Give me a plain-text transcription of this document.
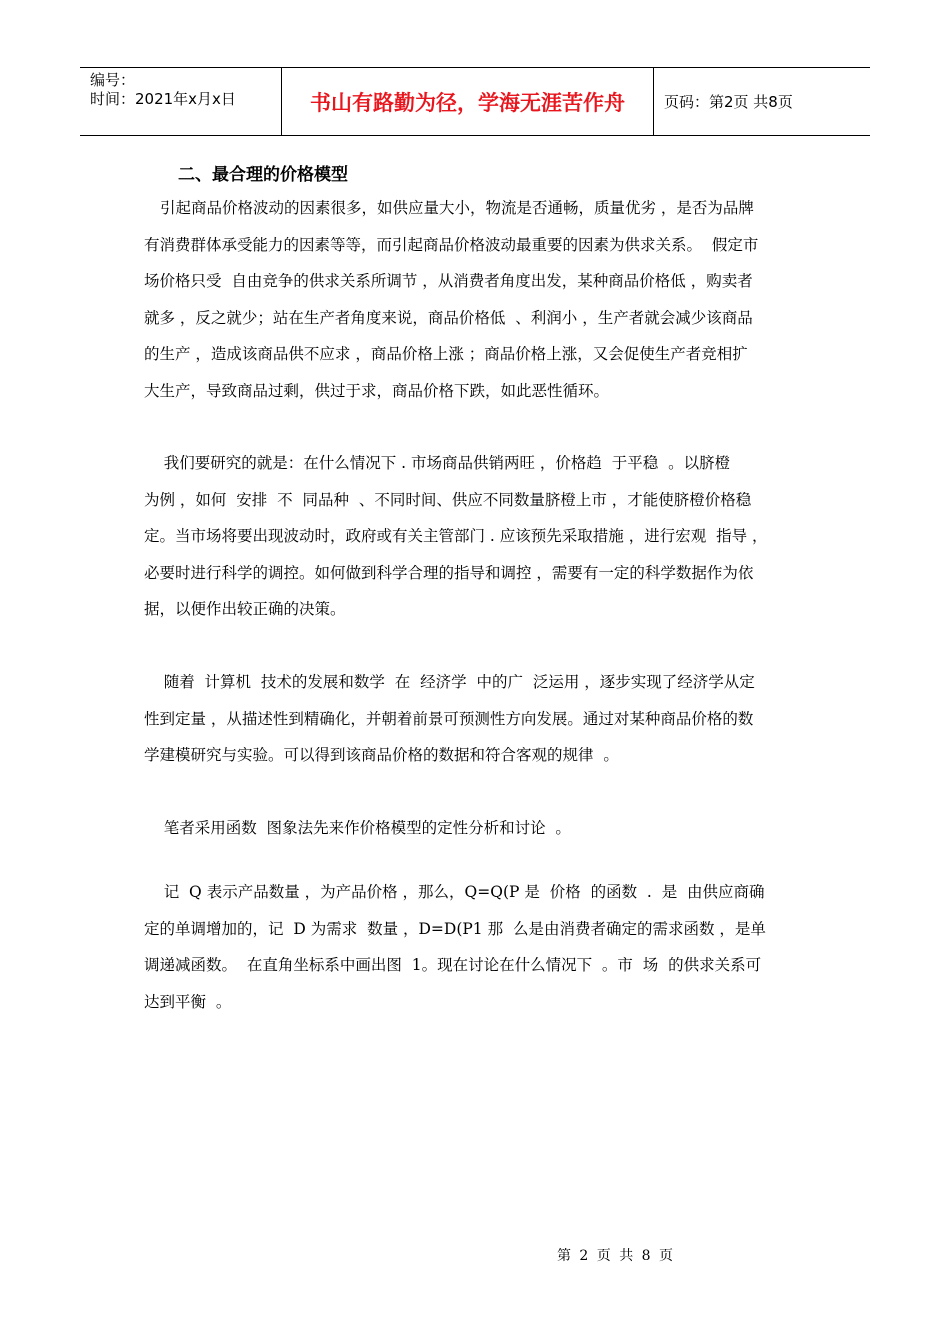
编号：
时间：2021年x月x日	书山有路勤为径，学海无涯苦作舟	页码：第2页 共8页
二、最合理的价格模型
引起商品价格波动的因素很多，如供应量大小，物流是否通畅，质量优劣 ，是否为品牌
有消费群体承受能力的因素等等，而引起商品价格波动最重要的因素为供求关系。  假定市
场价格只受  自由竞争的供求关系所调节 ，从消费者角度出发，某种商品价格低 ，购卖者
就多 ，反之就少；站在生产者角度来说，商品价格低  、利润小 ，生产者就会减少该商品
的生产 ，造成该商品供不应求 ，商品价格上涨 ；商品价格上涨，又会促使生产者竞相扩
大生产，导致商品过剩，供过于求，商品价格下跌，如此恶性循环。
我们要研究的就是：在什么情况下 . 市场商品供销两旺 ，价格趋  于平稳  。以脐橙
为例 ，如何  安排  不  同品种  、不同时间、供应不同数量脐橙上市 ，才能使脐橙价格稳
定。当市场将要出现波动时，政府或有关主管部门 . 应该预先采取措施 ，进行宏观  指导 ，
必要时进行科学的调控。如何做到科学合理的指导和调控 ，需要有一定的科学数据作为依
据，以便作出较正确的决策。
随着  计算机  技术的发展和数学  在  经济学  中的广  泛运用 ，逐步实现了经济学从定
性到定量 ，从描述性到精确化，并朝着前景可预测性方向发展。通过对某种商品价格的数
学建模研究与实验。可以得到该商品价格的数据和符合客观的规律  。
笔者采用函数  图象法先来作价格模型的定性分析和讨论  。
记  Q 表示产品数量 ，为产品价格 ，那么，Q=Q(P 是  价格  的函数  .  是  由供应商确
定的单调增加的，记  D 为需求  数量 ，D=D(P1 那  么是由消费者确定的需求函数 ，是单
调递减函数。  在直角坐标系中画出图  1。现在讨论在什么情况下  。市  场  的供求关系可
达到平衡  。
第 2 页 共 8 页
